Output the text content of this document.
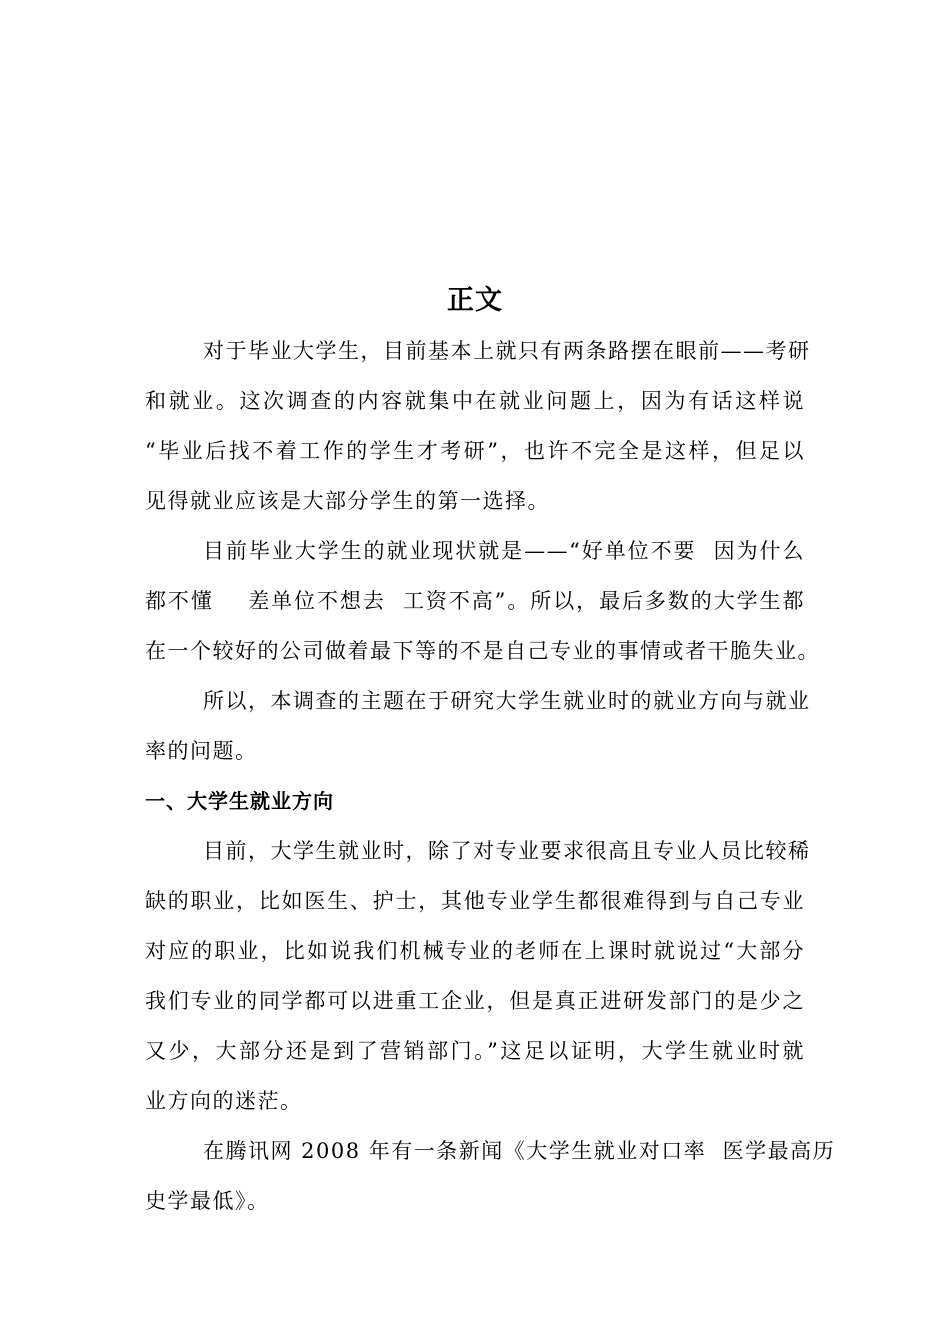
正文
对于毕业大学生，目前基本上就只有两条路摆在眼前——考研
和就业。这次调查的内容就集中在就业问题上，因为有话这样说
“毕业后找不着工作的学生才考研”，也许不完全是这样，但足以
见得就业应该是大部分学生的第一选择。
目前毕业大学生的就业现状就是——“好单位不要  因为什么
都不懂    差单位不想去  工资不高”。所以，最后多数的大学生都
在一个较好的公司做着最下等的不是自己专业的事情或者干脆失业。
所以，本调查的主题在于研究大学生就业时的就业方向与就业
率的问题。
一、大学生就业方向
目前，大学生就业时，除了对专业要求很高且专业人员比较稀
缺的职业，比如医生、护士，其他专业学生都很难得到与自己专业
对应的职业，比如说我们机械专业的老师在上课时就说过“大部分
我们专业的同学都可以进重工企业，但是真正进研发部门的是少之
又少，大部分还是到了营销部门。”这足以证明，大学生就业时就
业方向的迷茫。
在腾讯网 2008 年有一条新闻《大学生就业对口率  医学最高历
史学最低》。
